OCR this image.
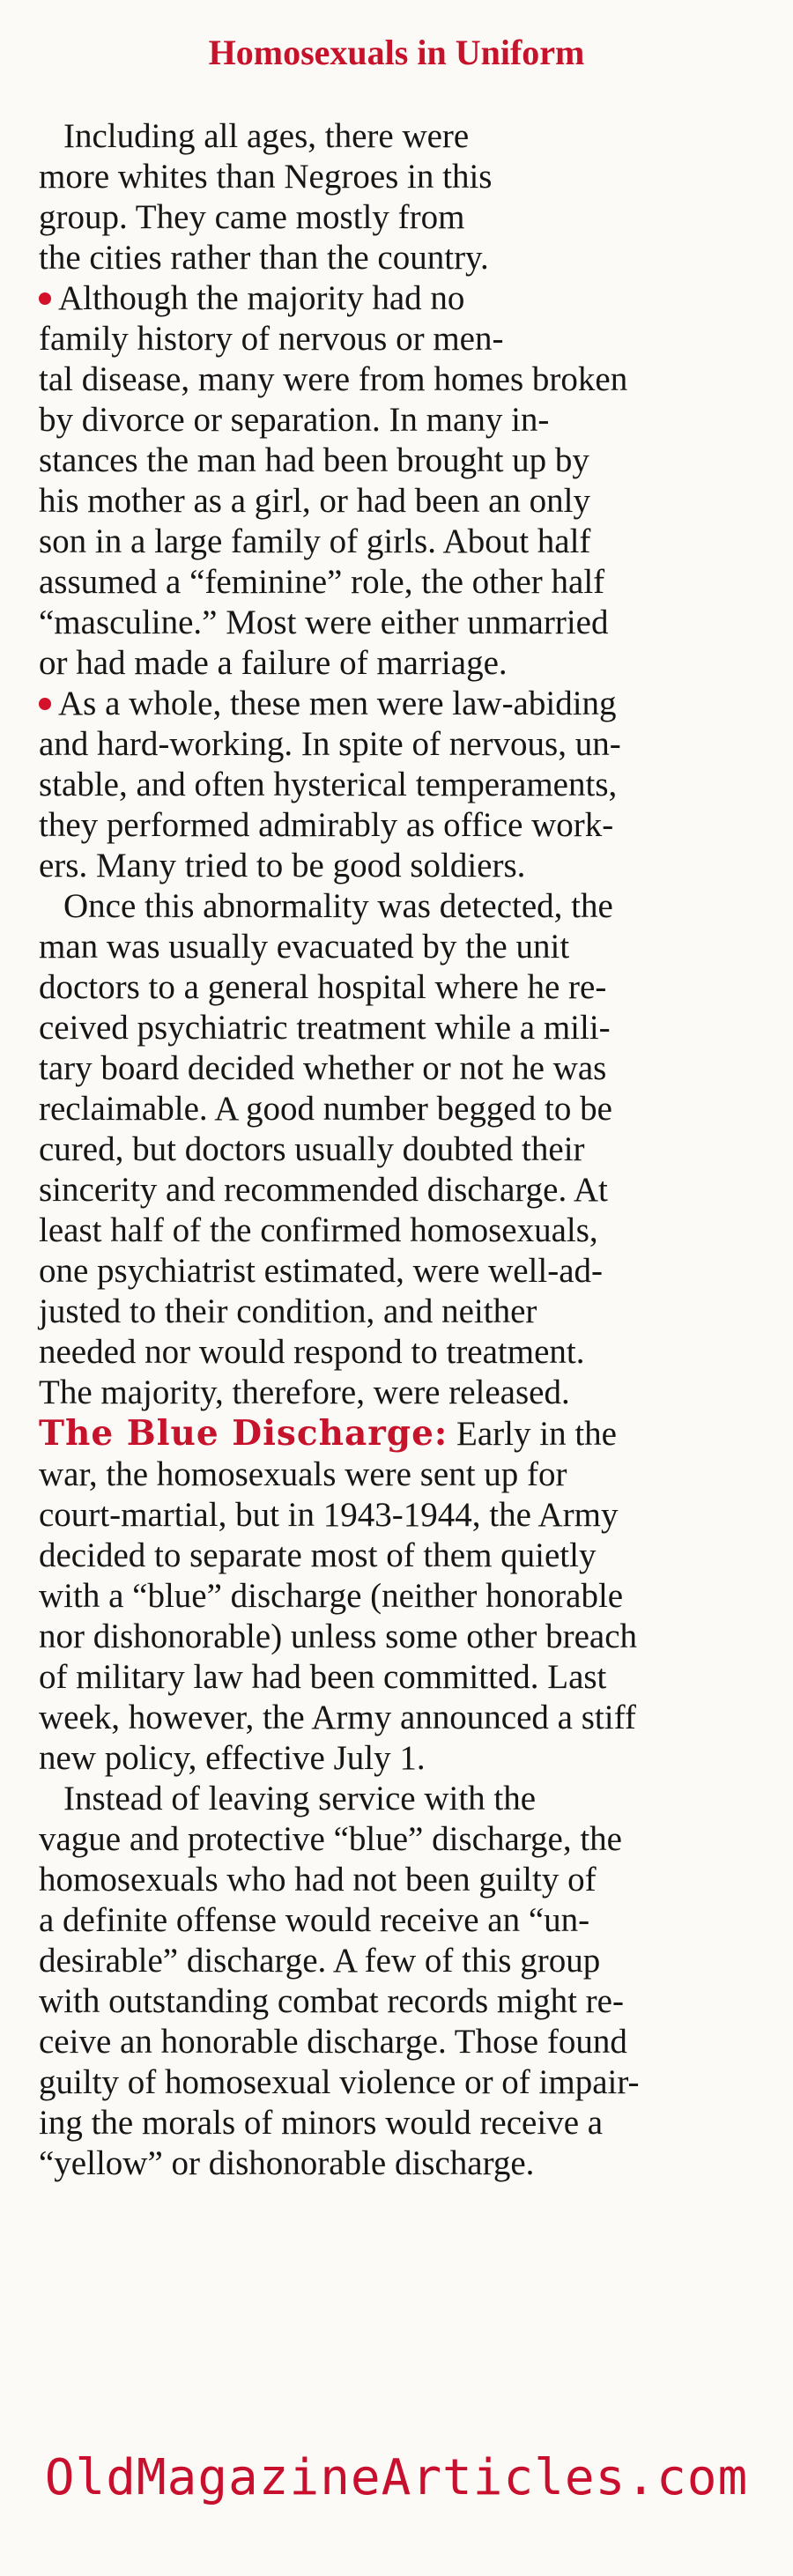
Homosexuals in Uniform
Including all ages, there were
more whites than Negroes in this
group. They came mostly from
the cities rather than the country.
Although the majority had no
family history of nervous or men-
tal disease, many were from homes broken
by divorce or separation. In many in-
stances the man had been brought up by
his mother as a girl, or had been an only
son in a large family of girls. About half
assumed a “feminine” role, the other half
“masculine.” Most were either unmarried
or had made a failure of marriage.
As a whole, these men were law-abiding
and hard-working. In spite of nervous, un-
stable, and often hysterical temperaments,
they performed admirably as office work-
ers. Many tried to be good soldiers.
Once this abnormality was detected, the
man was usually evacuated by the unit
doctors to a general hospital where he re-
ceived psychiatric treatment while a mili-
tary board decided whether or not he was
reclaimable. A good number begged to be
cured, but doctors usually doubted their
sincerity and recommended discharge. At
least half of the confirmed homosexuals,
one psychiatrist estimated, were well-ad-
justed to their condition, and neither
needed nor would respond to treatment.
The majority, therefore, were released.
The Blue Discharge: Early in the
war, the homosexuals were sent up for
court-martial, but in 1943-1944, the Army
decided to separate most of them quietly
with a “blue” discharge (neither honorable
nor dishonorable) unless some other breach
of military law had been committed. Last
week, however, the Army announced a stiff
new policy, effective July 1.
Instead of leaving service with the
vague and protective “blue” discharge, the
homosexuals who had not been guilty of
a definite offense would receive an “un-
desirable” discharge. A few of this group
with outstanding combat records might re-
ceive an honorable discharge. Those found
guilty of homosexual violence or of impair-
ing the morals of minors would receive a
“yellow” or dishonorable discharge.
OldMagazineArticles.com
